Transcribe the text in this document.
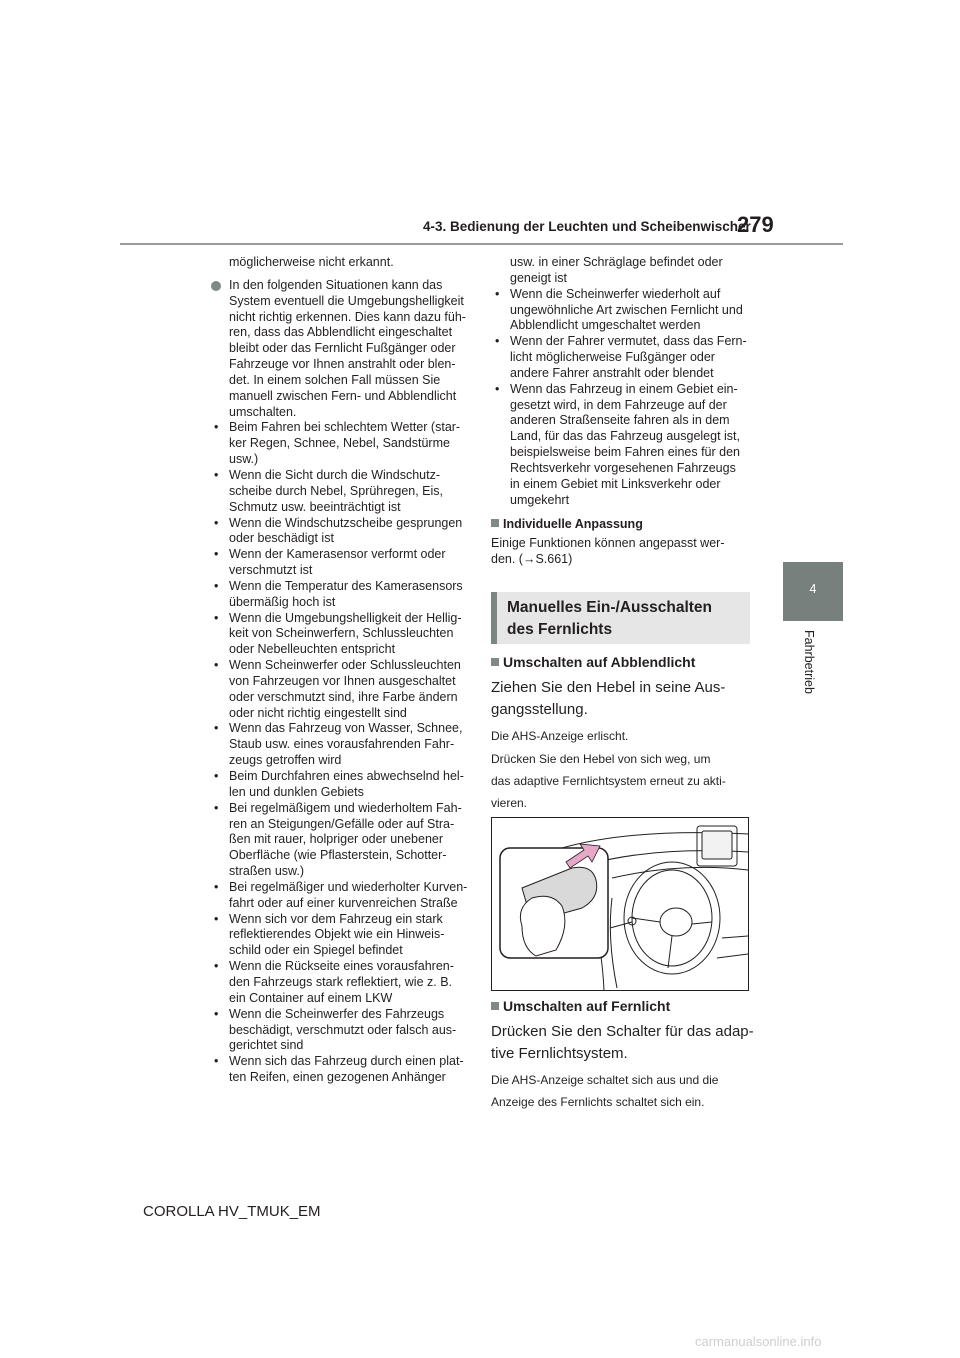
4-3. Bedienung der Leuchten und Scheibenwischer
279
4
Fahrbetrieb
möglicherweise nicht erkannt.
In den folgenden Situationen kann das
System eventuell die Umgebungshelligkeit
nicht richtig erkennen. Dies kann dazu füh-
ren, dass das Abblendlicht eingeschaltet
bleibt oder das Fernlicht Fußgänger oder
Fahrzeuge vor Ihnen anstrahlt oder blen-
det. In einem solchen Fall müssen Sie
manuell zwischen Fern- und Abblendlicht
umschalten.
• Beim Fahren bei schlechtem Wetter (star-
ker Regen, Schnee, Nebel, Sandstürme
usw.)
• Wenn die Sicht durch die Windschutz-
scheibe durch Nebel, Sprühregen, Eis,
Schmutz usw. beeinträchtigt ist
• Wenn die Windschutzscheibe gesprungen
oder beschädigt ist
• Wenn der Kamerasensor verformt oder
verschmutzt ist
• Wenn die Temperatur des Kamerasensors
übermäßig hoch ist
• Wenn die Umgebungshelligkeit der Hellig-
keit von Scheinwerfern, Schlussleuchten
oder Nebelleuchten entspricht
• Wenn Scheinwerfer oder Schlussleuchten
von Fahrzeugen vor Ihnen ausgeschaltet
oder verschmutzt sind, ihre Farbe ändern
oder nicht richtig eingestellt sind
• Wenn das Fahrzeug von Wasser, Schnee,
Staub usw. eines vorausfahrenden Fahr-
zeugs getroffen wird
• Beim Durchfahren eines abwechselnd hel-
len und dunklen Gebiets
• Bei regelmäßigem und wiederholtem Fah-
ren an Steigungen/Gefälle oder auf Stra-
ßen mit rauer, holpriger oder unebener
Oberfläche (wie Pflasterstein, Schotter-
straßen usw.)
• Bei regelmäßiger und wiederholter Kurven-
fahrt oder auf einer kurvenreichen Straße
• Wenn sich vor dem Fahrzeug ein stark
reflektierendes Objekt wie ein Hinweis-
schild oder ein Spiegel befindet
• Wenn die Rückseite eines vorausfahren-
den Fahrzeugs stark reflektiert, wie z. B.
ein Container auf einem LKW
• Wenn die Scheinwerfer des Fahrzeugs
beschädigt, verschmutzt oder falsch aus-
gerichtet sind
• Wenn sich das Fahrzeug durch einen plat-
ten Reifen, einen gezogenen Anhänger
usw. in einer Schräglage befindet oder
geneigt ist
• Wenn die Scheinwerfer wiederholt auf
ungewöhnliche Art zwischen Fernlicht und
Abblendlicht umgeschaltet werden
• Wenn der Fahrer vermutet, dass das Fern-
licht möglicherweise Fußgänger oder
andere Fahrer anstrahlt oder blendet
• Wenn das Fahrzeug in einem Gebiet ein-
gesetzt wird, in dem Fahrzeuge auf der
anderen Straßenseite fahren als in dem
Land, für das das Fahrzeug ausgelegt ist,
beispielsweise beim Fahren eines für den
Rechtsverkehr vorgesehenen Fahrzeugs
in einem Gebiet mit Linksverkehr oder
umgekehrt
Individuelle Anpassung
Einige Funktionen können angepasst wer-
den. (→S.661)
Manuelles Ein-/Ausschalten
des Fernlichts
Umschalten auf Abblendlicht
Ziehen Sie den Hebel in seine Aus-
gangsstellung.
Die AHS-Anzeige erlischt.
Drücken Sie den Hebel von sich weg, um
das adaptive Fernlichtsystem erneut zu akti-
vieren.
Umschalten auf Fernlicht
Drücken Sie den Schalter für das adap-
tive Fernlichtsystem.
Die AHS-Anzeige schaltet sich aus und die
Anzeige des Fernlichts schaltet sich ein.
COROLLA HV_TMUK_EM
carmanualsonline.info
